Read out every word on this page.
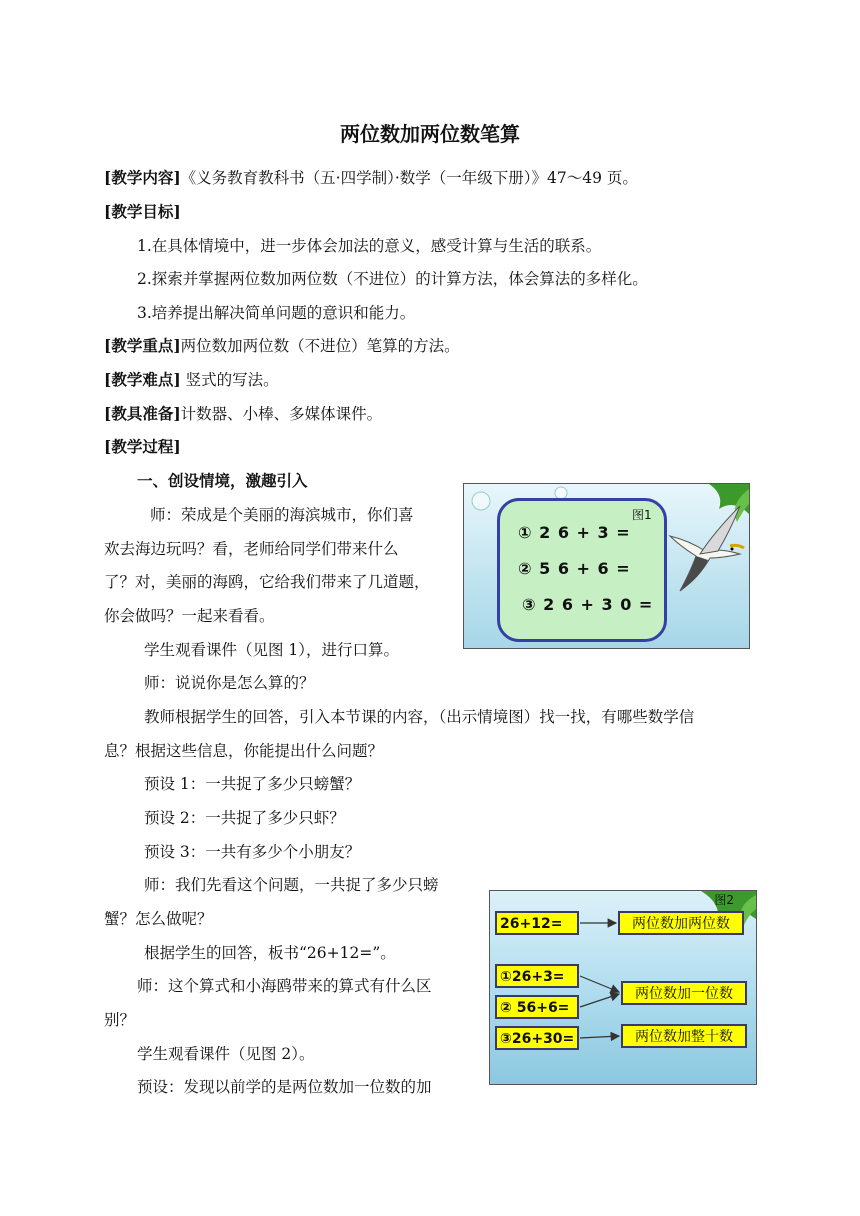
两位数加两位数笔算
[教学内容]《义务教育教科书（五·四学制）·数学（一年级下册）》47～49 页。
[教学目标]
1.在具体情境中，进一步体会加法的意义，感受计算与生活的联系。
2.探索并掌握两位数加两位数（不进位）的计算方法，体会算法的多样化。
3.培养提出解决简单问题的意识和能力。
[教学重点]两位数加两位数（不进位）笔算的方法。
[教学难点] 竖式的写法。
[教具准备]计数器、小棒、多媒体课件。
[教学过程]
一、创设情境，激趣引入
师：荣成是个美丽的海滨城市，你们喜
欢去海边玩吗？看，老师给同学们带来什么
了？对，美丽的海鸥，它给我们带来了几道题，
你会做吗？一起来看看。
学生观看课件（见图 1），进行口算。
师：说说你是怎么算的？
教师根据学生的回答，引入本节课的内容，（出示情境图）找一找，有哪些数学信
息？根据这些信息，你能提出什么问题？
预设 1：一共捉了多少只螃蟹？
预设 2：一共捉了多少只虾？
预设 3：一共有多少个小朋友？
师：我们先看这个问题，一共捉了多少只螃
蟹？怎么做呢？
根据学生的回答，板书“26+12=”。
师：这个算式和小海鸥带来的算式有什么区
别？
学生观看课件（见图 2）。
预设：发现以前学的是两位数加一位数的加
① 2 6 + 3 =
② 5 6 + 6 =
③ 2 6 + 3 0 =
图1
图2
26+12=	两位数加两位数
①26+3=
② 56+6=
两位数加一位数
③26+30=	两位数加整十数
